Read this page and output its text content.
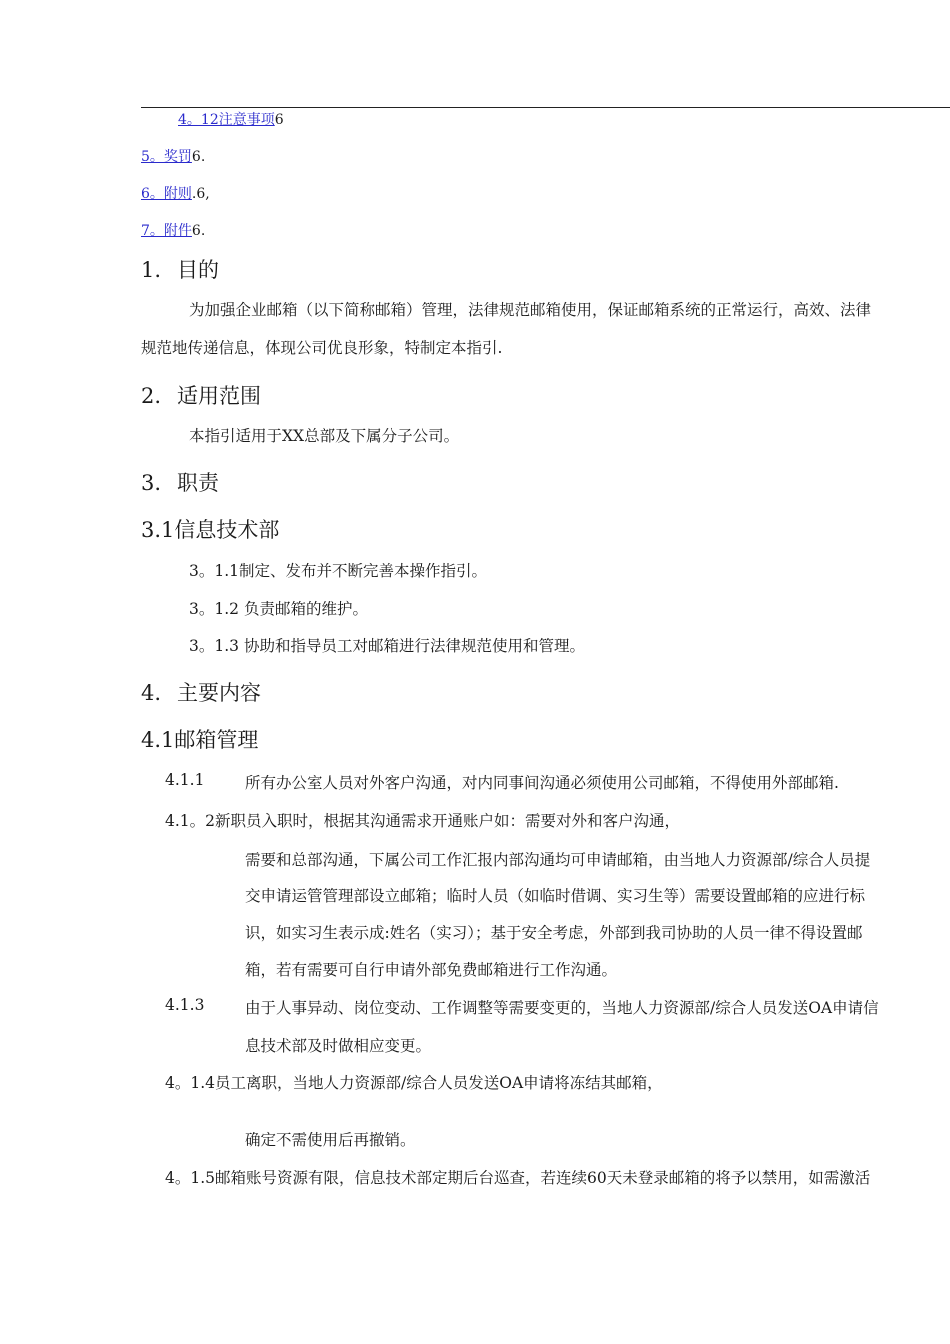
4。12注意事项6
5。奖罚6.
6。附则.6,
7。附件6.
1. 目的
为加强企业邮箱（以下简称邮箱）管理，法律规范邮箱使用，保证邮箱系统的正常运行，高效、法律
规范地传递信息，体现公司优良形象，特制定本指引.
2. 适用范围
本指引适用于XX总部及下属分子公司。
3. 职责
3.1信息技术部
3。1.1制定、发布并不断完善本操作指引。
3。1.2 负责邮箱的维护。
3。1.3 协助和指导员工对邮箱进行法律规范使用和管理。
4. 主要内容
4.1邮箱管理
4.1.1	所有办公室人员对外客户沟通，对内同事间沟通必须使用公司邮箱，不得使用外部邮箱.
4.1。2新职员入职时，根据其沟通需求开通账户如：需要对外和客户沟通，
需要和总部沟通，下属公司工作汇报内部沟通均可申请邮箱，由当地人力资源部/综合人员提
交申请运管管理部设立邮箱；临时人员（如临时借调、实习生等）需要设置邮箱的应进行标
识，如实习生表示成:姓名（实习）；基于安全考虑，外部到我司协助的人员一律不得设置邮
箱，若有需要可自行申请外部免费邮箱进行工作沟通。
4.1.3	由于人事异动、岗位变动、工作调整等需要变更的，当地人力资源部/综合人员发送OA申请信
息技术部及时做相应变更。
4。1.4员工离职，当地人力资源部/综合人员发送OA申请将冻结其邮箱，
确定不需使用后再撤销。
4。1.5邮箱账号资源有限，信息技术部定期后台巡查，若连续60天未登录邮箱的将予以禁用，如需激活
